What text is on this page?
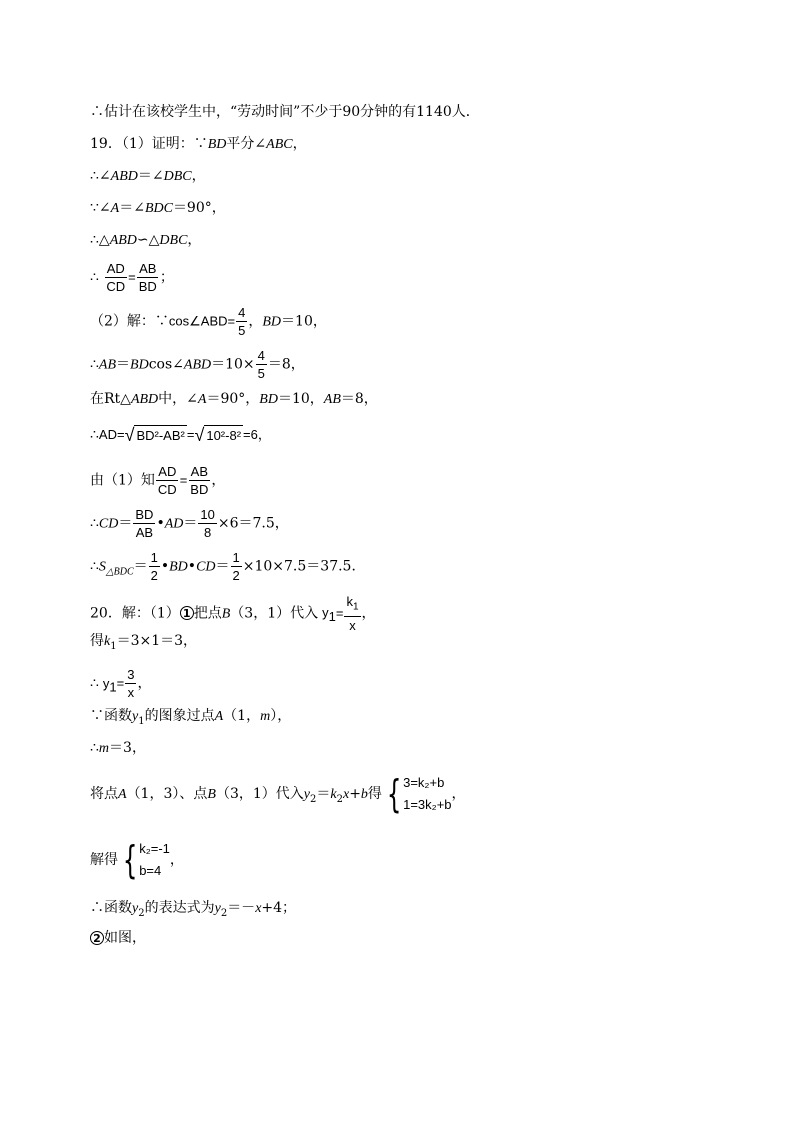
∴估计在该校学生中，“劳动时间”不少于90分钟的有1140人．
19．（1）证明：∵BD平分∠ABC，
∴∠ABD＝∠DBC，
∵∠A＝∠BDC＝90°，
∴△ABD∽△DBC，
∴ $\frac{AD}{CD} = \frac{AB}{BD}$ ；
（2）解：∵cos∠ABD= $\frac{4}{5}$ ，BD＝10，
∴AB＝BDcos∠ABD＝10× $\frac{4}{5} =8$，
在Rt△ABD中，∠A＝90°，BD＝10，AB＝8，
∴AD= √ BD²-AB² = √ 10²-8² =6，
由（1）知 $\frac{AD}{CD} = \frac{AB}{BD}$ ，
∴CD＝ $\frac{BD}{AB}$ •AD＝ $\frac{10}{8} \times 6=7.5$，
$\therefore S_{\triangle BDC}= \frac{1}{2}$ •BD•CD＝ $\frac{1}{2} \times 10\times 7.5=37.5$．
20．解：（1） 1 把点B（3，1）代入 $y_1= \frac{k_1}{x}$ ，
得$k_1=3\times 1=3$，
∴ $y_1= \frac{3}{x}$ ，
∵函数$y_1$的图象过点A（1，m），
∴m＝3，
将点A（1，3）、点B（3，1）代入$y_2=k_2x+b$得 { 3=k₂+b
1=3k₂+b
，
解得 { k₂=-1
b=4
，
∴函数$y_2$的表达式为$y_2=-x+4$；
2 如图，
